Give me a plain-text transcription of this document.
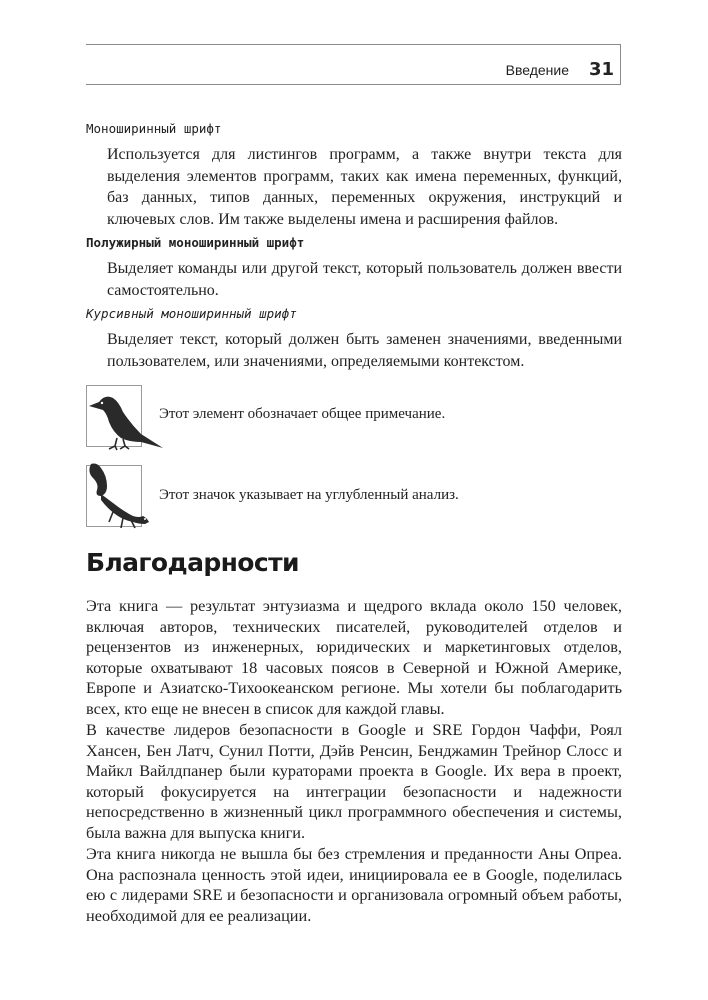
Введение 31
Моноширинный шрифт

Используется для листингов программ, а также внутри текста для выделения элементов программ, таких как имена переменных, функций, баз данных, типов данных, переменных окружения, инструкций и ключевых слов. Им также выделены имена и расширения файлов.

Полужирный моноширинный шрифт

Выделяет команды или другой текст, который пользователь должен ввести самостоятельно.

Курсивный моноширинный шрифт

Выделяет текст, который должен быть заменен значениями, введенными пользователем, или значениями, определяемыми контекстом.

Этот элемент обозначает общее примечание.
Этот значок указывает на углубленный анализ.
Благодарности

Эта книга — результат энтузиазма и щедрого вклада около 150 человек, включая авторов, технических писателей, руководителей отделов и рецензентов из инженерных, юридических и маркетинговых отделов, которые охватывают 18 часовых поясов в Северной и Южной Америке, Европе и Азиатско-Тихоокеанском регионе. Мы хотели бы поблагодарить всех, кто еще не внесен в список для каждой главы.

В качестве лидеров безопасности в Google и SRE Гордон Чаффи, Роял Хансен, Бен Латч, Сунил Потти, Дэйв Ренсин, Бенджамин Трейнор Слосс и Майкл Вайлдпанер были кураторами проекта в Google. Их вера в проект, который фокусируется на интеграции безопасности и надежности непосредственно в жизненный цикл программного обеспечения и системы, была важна для выпуска книги.

Эта книга никогда не вышла бы без стремления и преданности Аны Опреа. Она распознала ценность этой идеи, инициировала ее в Google, поделилась ею с лидерами SRE и безопасности и организовала огромный объем работы, необходимой для ее реализации.
